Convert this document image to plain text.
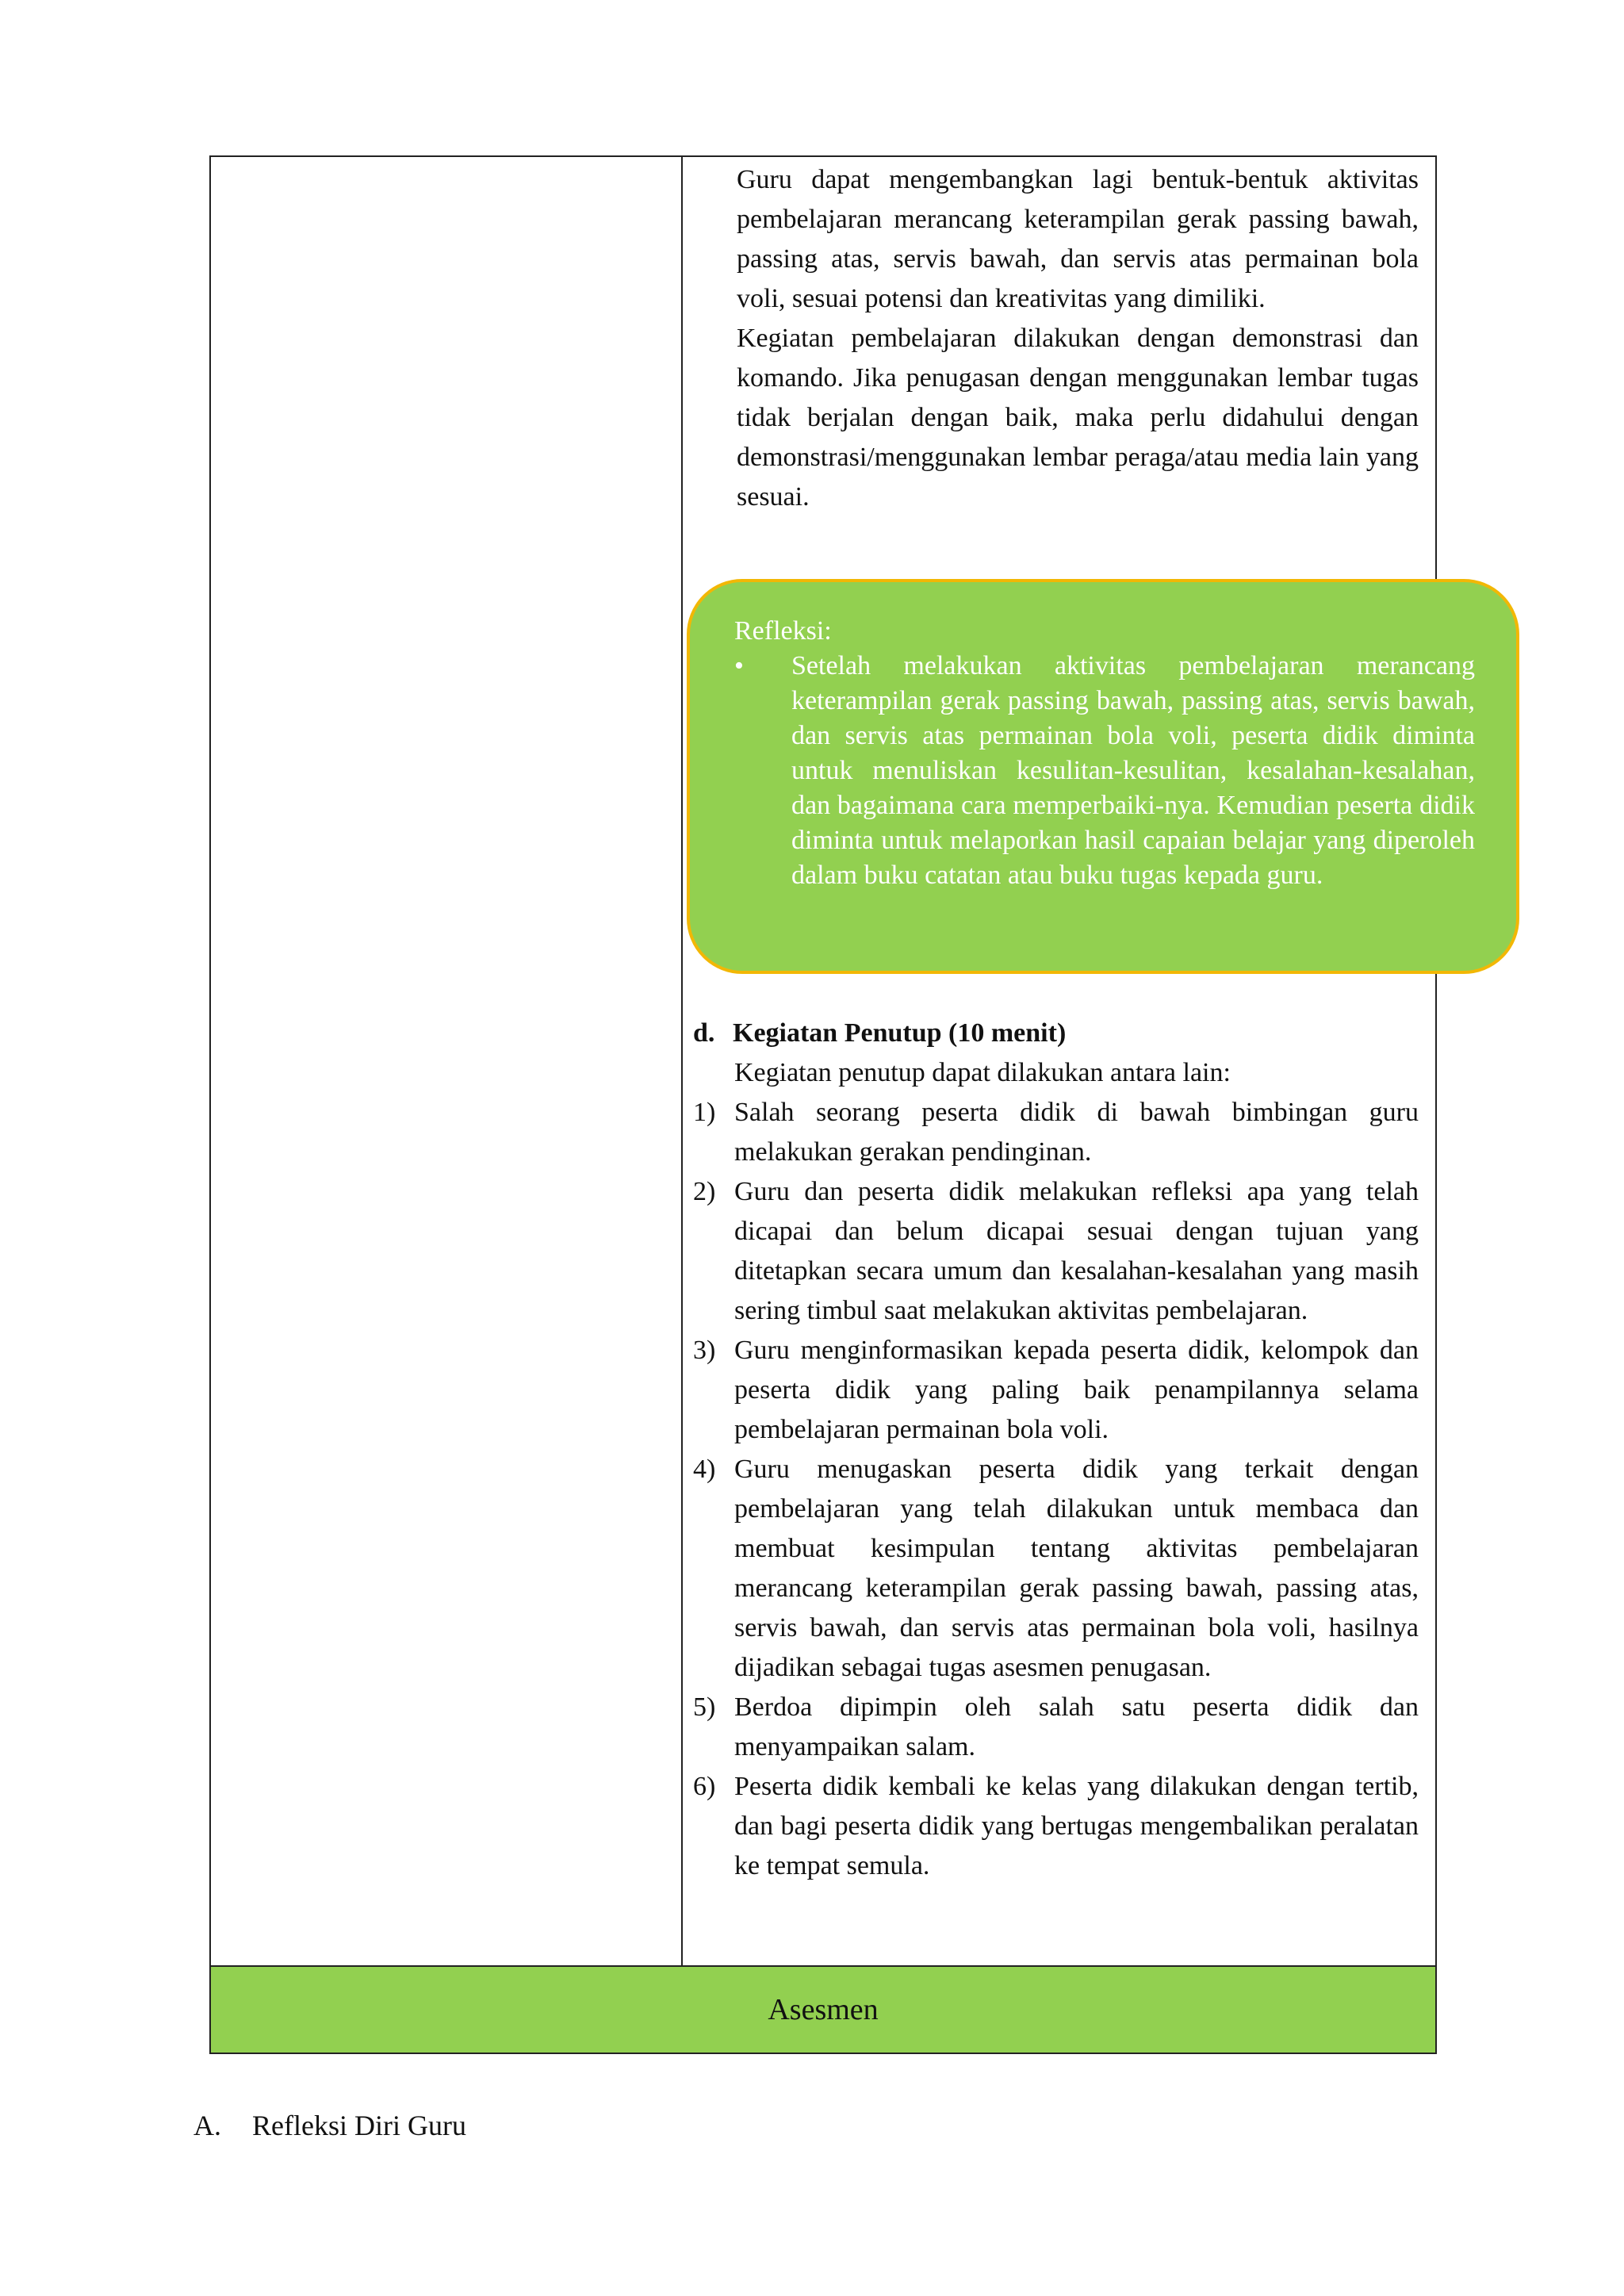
Guru dapat mengembangkan lagi bentuk-bentuk aktivitas pembelajaran merancang keterampilan gerak passing bawah, passing atas, servis bawah, dan servis atas permainan bola voli, sesuai potensi dan kreativitas yang dimiliki.

Kegiatan pembelajaran dilakukan dengan demonstrasi dan komando. Jika penugasan dengan menggunakan lembar tugas tidak berjalan dengan baik, maka perlu didahului dengan demonstrasi/menggunakan lembar peraga/atau media lain yang sesuai.

Asesmen
Refleksi:
• Setelah melakukan aktivitas pembelajaran merancang keterampilan gerak passing bawah, passing atas, servis bawah, dan servis atas permainan bola voli, peserta didik diminta untuk menuliskan kesulitan-kesulitan, kesalahan-kesalahan, dan bagaimana cara memperbaiki-nya. Kemudian peserta didik diminta untuk melaporkan hasil capaian belajar yang diperoleh dalam buku catatan atau buku tugas kepada guru.

d. Kegiatan Penutup (10 menit)

Kegiatan penutup dapat dilakukan antara lain:

1) Salah seorang peserta didik di bawah bimbingan guru melakukan gerakan pendinginan.
2) Guru dan peserta didik melakukan refleksi apa yang telah dicapai dan belum dicapai sesuai dengan tujuan yang ditetapkan secara umum dan kesalahan-kesalahan yang masih sering timbul saat melakukan aktivitas pembelajaran.
3) Guru menginformasikan kepada peserta didik, kelompok dan peserta didik yang paling baik penampilannya selama pembelajaran permainan bola voli.
4) Guru menugaskan peserta didik yang terkait dengan pembelajaran yang telah dilakukan untuk membaca dan membuat kesimpulan tentang aktivitas pembelajaran merancang keterampilan gerak passing bawah, passing atas, servis bawah, dan servis atas permainan bola voli, hasilnya dijadikan sebagai tugas asesmen penugasan.
5) Berdoa dipimpin oleh salah satu peserta didik dan menyampaikan salam.
6) Peserta didik kembali ke kelas yang dilakukan dengan tertib, dan bagi peserta didik yang bertugas mengembalikan peralatan ke tempat semula.
A. Refleksi Diri Guru
